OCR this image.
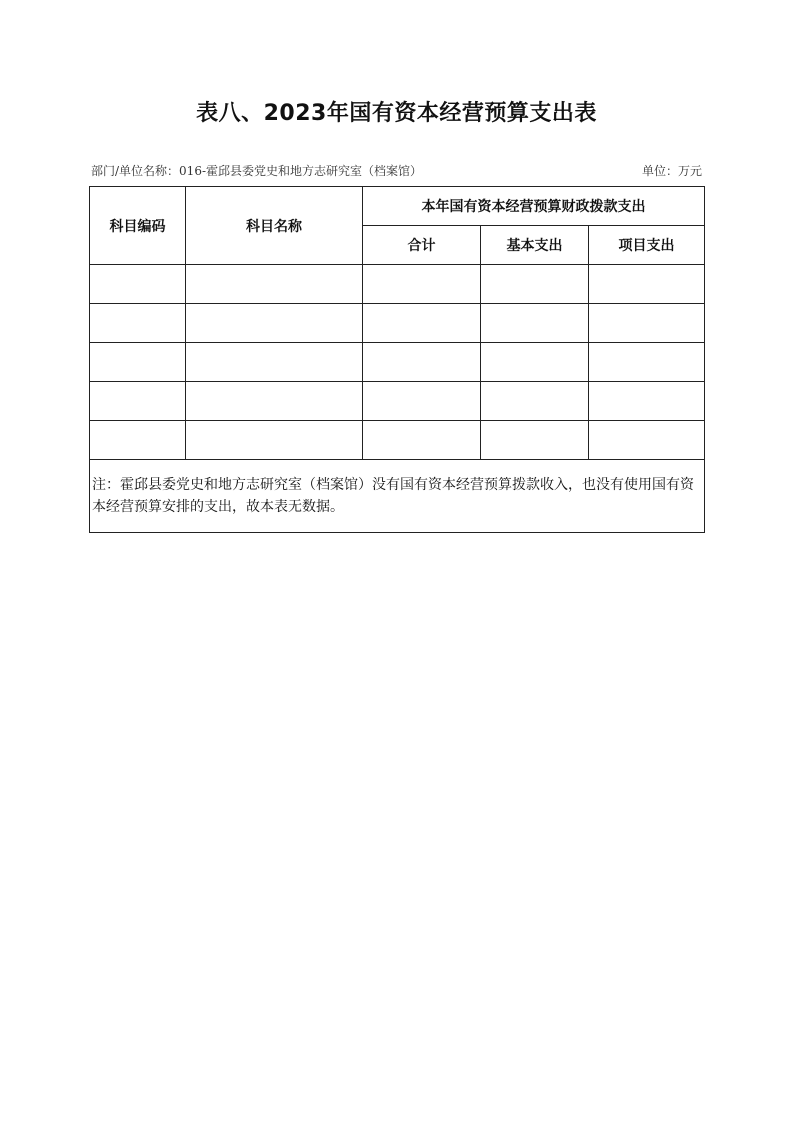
表八、2023年国有资本经营预算支出表
部门/单位名称：016-霍邱县委党史和地方志研究室（档案馆）	单位：万元
科目编码	科目名称	本年国有资本经营预算财政拨款支出		
		合计	基本支出	项目支出

注：霍邱县委党史和地方志研究室（档案馆）没有国有资本经营预算拨款收入，也没有使用国有资本经营预算安排的支出，故本表无数据。				
